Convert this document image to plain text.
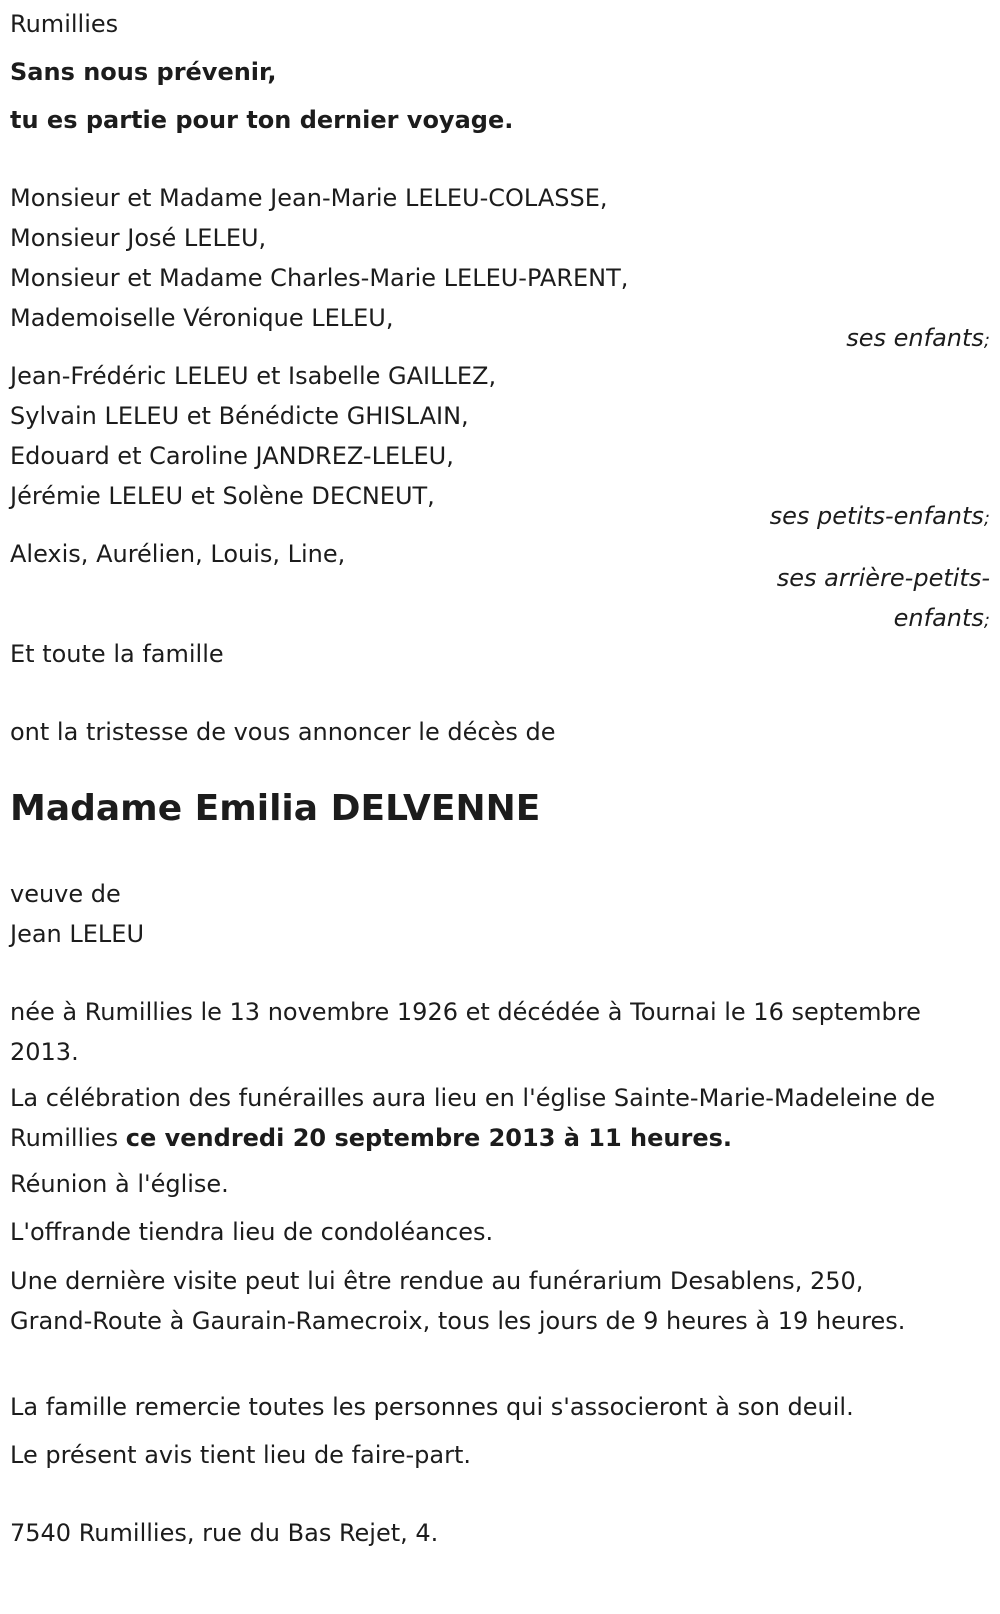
Rumillies
Sans nous prévenir,
tu es partie pour ton dernier voyage.
Monsieur et Madame Jean-Marie LELEU-COLASSE,
Monsieur José LELEU,
Monsieur et Madame Charles-Marie LELEU-PARENT,
Mademoiselle Véronique LELEU,
Jean-Frédéric LELEU et Isabelle GAILLEZ,
Sylvain LELEU et Bénédicte GHISLAIN,
Edouard et Caroline JANDREZ-LELEU,
Jérémie LELEU et Solène DECNEUT,
Alexis, Aurélien, Louis, Line,
Et toute la famille
ont la tristesse de vous annoncer le décès de
Madame Emilia DELVENNE
veuve de
Jean LELEU
née à Rumillies le 13 novembre 1926 et décédée à Tournai le 16 septembre 2013.
La célébration des funérailles aura lieu en l'église Sainte-Marie-Madeleine de Rumillies ce vendredi 20 septembre 2013 à 11 heures.
Réunion à l'église.
L'offrande tiendra lieu de condoléances.
Une dernière visite peut lui être rendue au funérarium Desablens, 250, Grand-Route à Gaurain-Ramecroix, tous les jours de 9 heures à 19 heures.
La famille remercie toutes les personnes qui s'associeront à son deuil.
Le présent avis tient lieu de faire-part.
7540 Rumillies, rue du Bas Rejet, 4.
ses enfants;
ses petits-enfants;
ses arrière-petits-
enfants;
